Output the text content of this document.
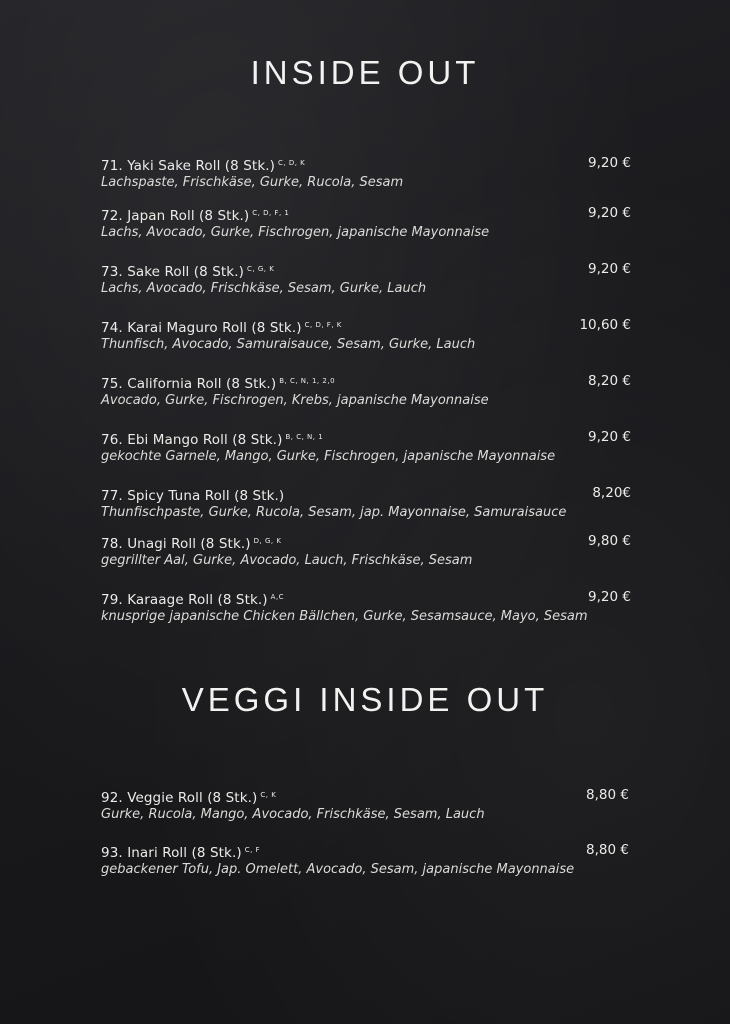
INSIDE OUT
71. Yaki Sake Roll (8 Stk.) $^{C, D, K}$	9,20 €
Lachspaste, Frischkäse, Gurke, Rucola, Sesam
72. Japan Roll (8 Stk.) $^{C, D, F, 1}$	9,20 €
Lachs, Avocado, Gurke, Fischrogen, japanische Mayonnaise
73. Sake Roll (8 Stk.) $^{C, G, K}$	9,20 €
Lachs, Avocado, Frischkäse, Sesam, Gurke, Lauch
74. Karai Maguro Roll (8 Stk.) $^{C, D, F, K}$	10,60 €
Thunfisch, Avocado, Samuraisauce, Sesam, Gurke, Lauch
75. California Roll (8 Stk.) $^{B, C, N, 1, 2,0}$	8,20 €
Avocado, Gurke, Fischrogen, Krebs, japanische Mayonnaise
76. Ebi Mango Roll (8 Stk.) $^{B, C, N, 1}$	9,20 €
gekochte Garnele, Mango, Gurke, Fischrogen, japanische Mayonnaise
77. Spicy Tuna Roll (8 Stk.)	8,20€
Thunfischpaste, Gurke, Rucola, Sesam, jap. Mayonnaise, Samuraisauce
78. Unagi Roll (8 Stk.) $^{D, G, K}$	9,80 €
gegrillter Aal, Gurke, Avocado, Lauch, Frischkäse, Sesam
79. Karaage Roll (8 Stk.) $^{A,C}$	9,20 €
knusprige japanische Chicken Bällchen, Gurke, Sesamsauce, Mayo, Sesam
VEGGI INSIDE OUT
92. Veggie Roll (8 Stk.) $^{C, K}$	8,80 €
Gurke, Rucola, Mango, Avocado, Frischkäse, Sesam, Lauch
93. Inari Roll (8 Stk.) $^{C, F}$	8,80 €
gebackener Tofu, Jap. Omelett, Avocado, Sesam, japanische Mayonnaise
